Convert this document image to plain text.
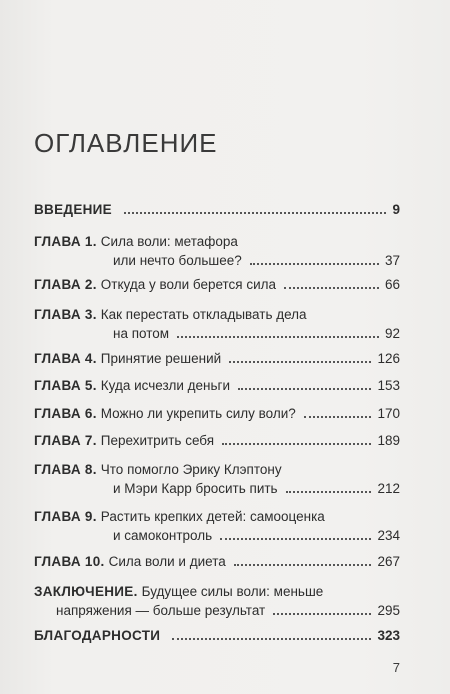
ОГЛАВЛЕНИЕ
ВВЕДЕНИЕ	9
ГЛАВА 1. Сила воли: метафора
или нечто большее?	37
ГЛАВА 2. Откуда у воли берется сила	66
ГЛАВА 3. Как перестать откладывать дела
на потом	92
ГЛАВА 4. Принятие решений	126
ГЛАВА 5. Куда исчезли деньги	153
ГЛАВА 6. Можно ли укрепить силу воли?	170
ГЛАВА 7. Перехитрить себя	189
ГЛАВА 8. Что помогло Эрику Клэптону
и Мэри Карр бросить пить	212
ГЛАВА 9. Растить крепких детей: самооценка
и самоконтроль	234
ГЛАВА 10. Сила воли и диета	267
ЗАКЛЮЧЕНИЕ. Будущее силы воли: меньше
напряжения — больше результат	295
БЛАГОДАРНОСТИ	323
7
